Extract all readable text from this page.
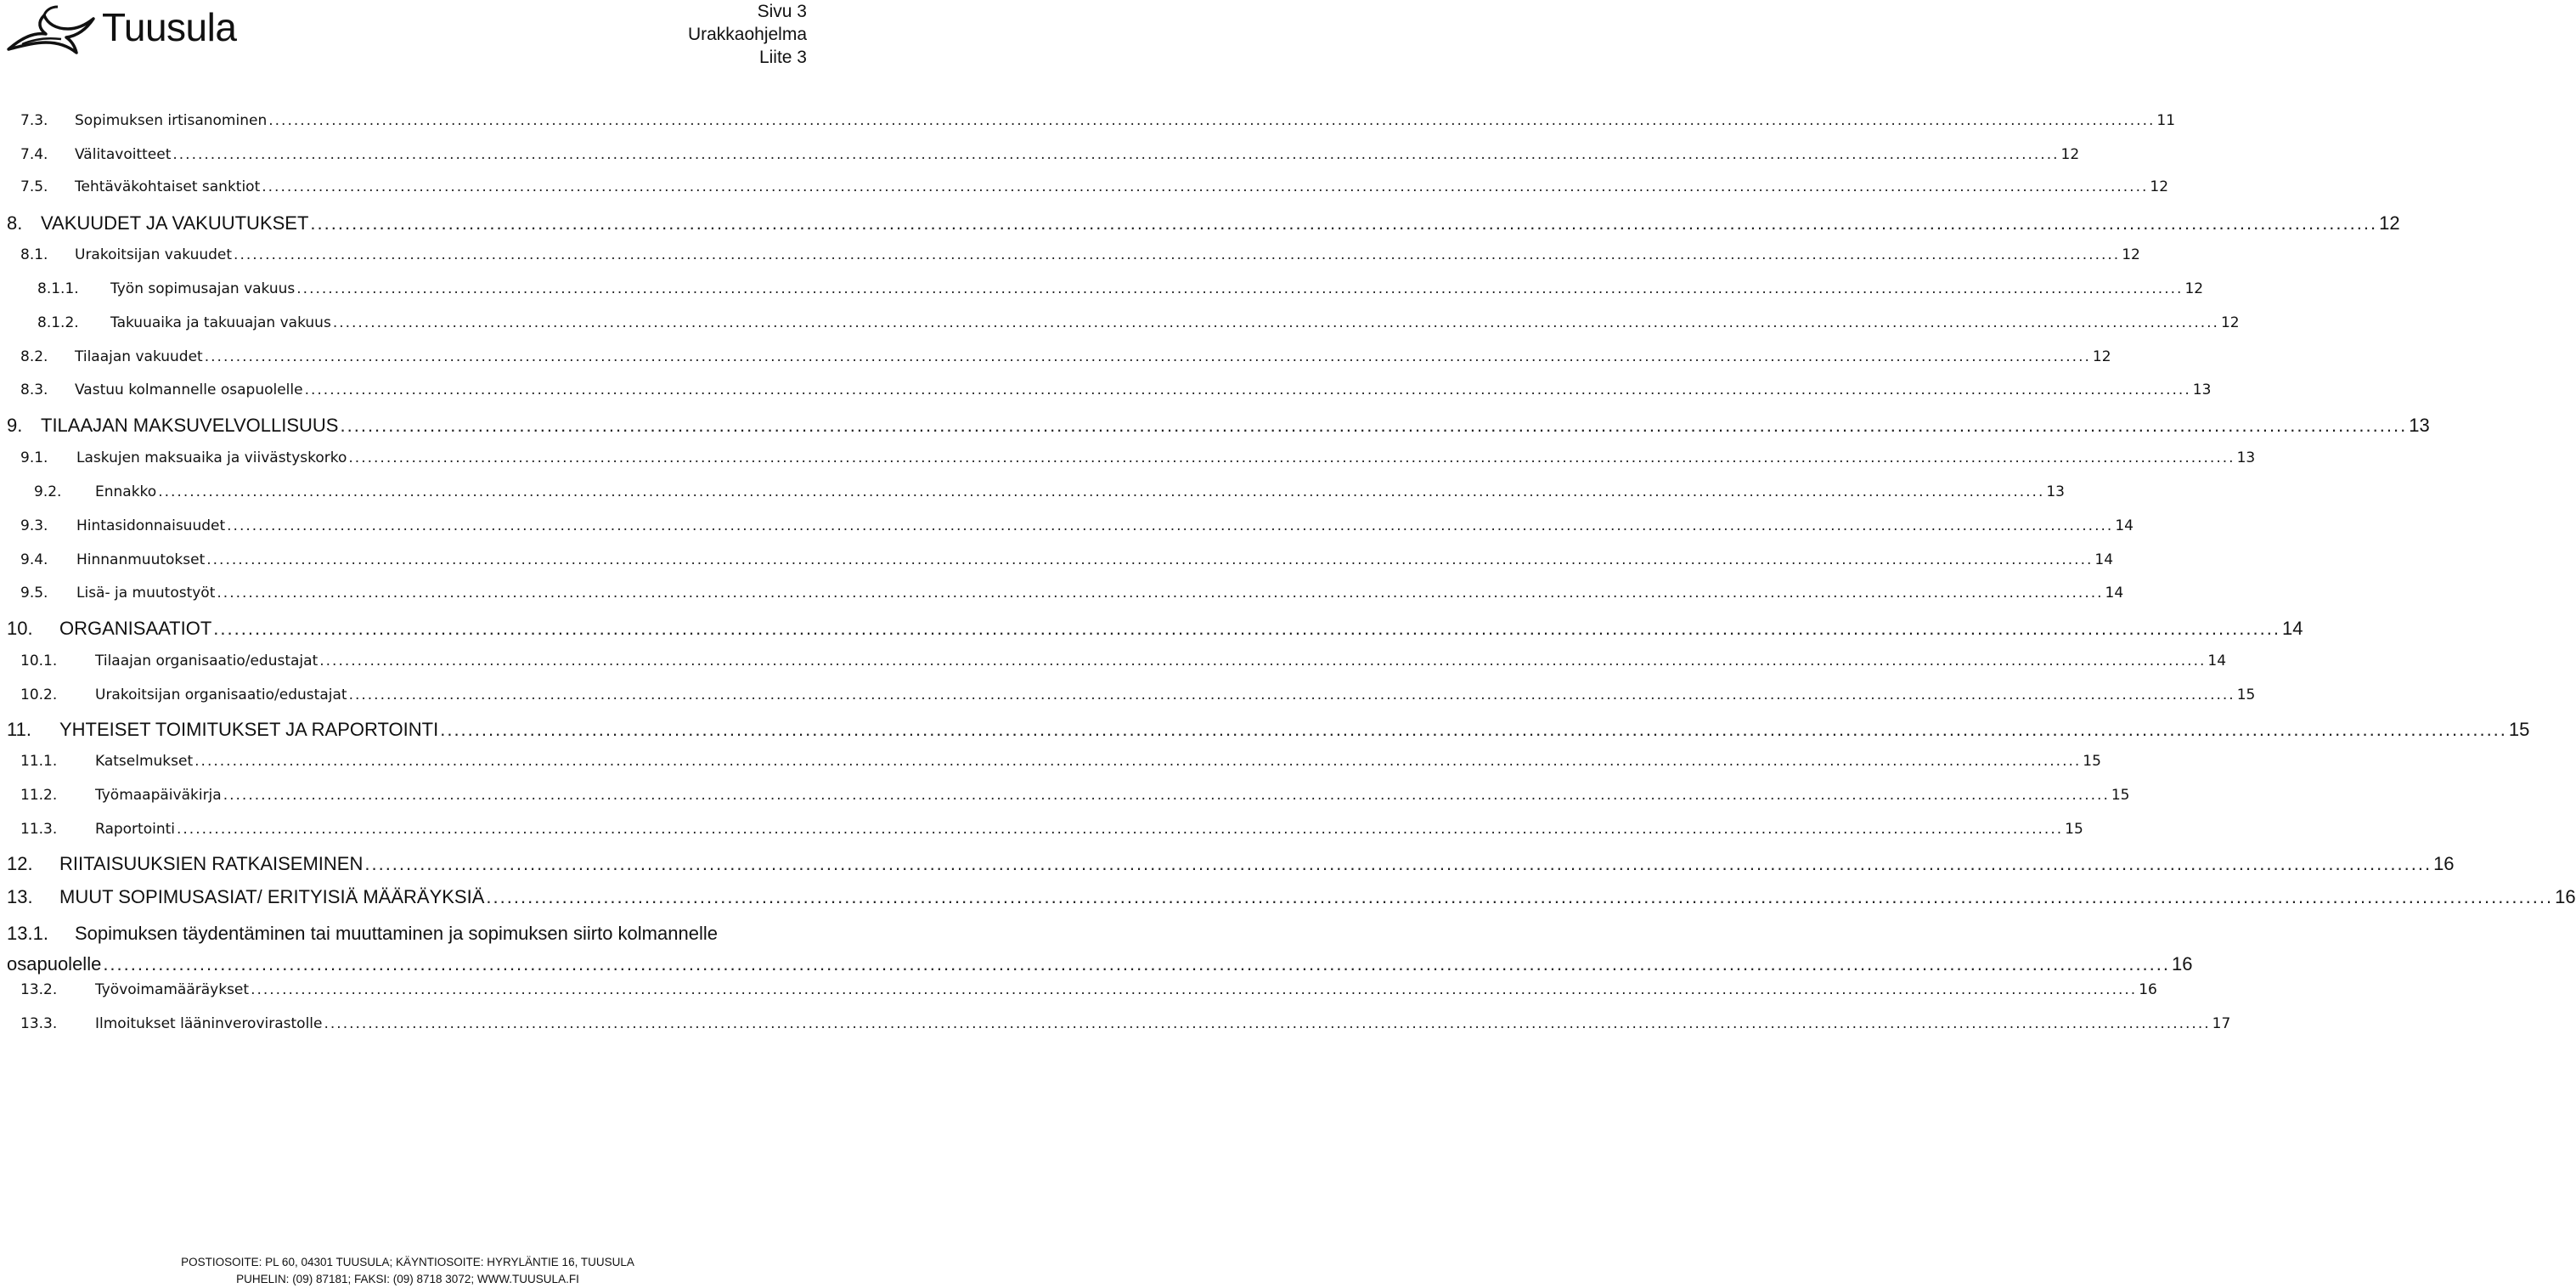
Tuusula	Sivu 3
Urakkaohjelma
Liite 3
7.3. Sopimuksen irtisanominen ............................................................................................................................................................................................................................................................................................................ 11
7.4. Välitavoitteet ............................................................................................................................................................................................................................................................................................................ 12
7.5. Tehtäväkohtaiset sanktiot ............................................................................................................................................................................................................................................................................................................ 12
8. VAKUUDET JA VAKUUTUKSET ............................................................................................................................................................................................................................................................................................................ 12
8.1. Urakoitsijan vakuudet ............................................................................................................................................................................................................................................................................................................ 12
8.1.1. Työn sopimusajan vakuus ............................................................................................................................................................................................................................................................................................................ 12
8.1.2. Takuuaika ja takuuajan vakuus ............................................................................................................................................................................................................................................................................................................ 12
8.2. Tilaajan vakuudet ............................................................................................................................................................................................................................................................................................................ 12
8.3. Vastuu kolmannelle osapuolelle ............................................................................................................................................................................................................................................................................................................ 13
9. TILAAJAN MAKSUVELVOLLISUUS ............................................................................................................................................................................................................................................................................................................ 13
9.1. Laskujen maksuaika ja viivästyskorko ............................................................................................................................................................................................................................................................................................................ 13
9.2. Ennakko ............................................................................................................................................................................................................................................................................................................ 13
9.3. Hintasidonnaisuudet ............................................................................................................................................................................................................................................................................................................ 14
9.4. Hinnanmuutokset ............................................................................................................................................................................................................................................................................................................ 14
9.5. Lisä- ja muutostyöt ............................................................................................................................................................................................................................................................................................................ 14
10. ORGANISAATIOT ............................................................................................................................................................................................................................................................................................................ 14
10.1.	Tilaajan organisaatio/edustajat ............................................................................................................................................................................................................................................................................................................ 14
10.2.	Urakoitsijan organisaatio/edustajat ............................................................................................................................................................................................................................................................................................................ 15
11. YHTEISET TOIMITUKSET JA RAPORTOINTI ............................................................................................................................................................................................................................................................................................................ 15
11.1.	Katselmukset ............................................................................................................................................................................................................................................................................................................ 15
11.2.	Työmaapäiväkirja ............................................................................................................................................................................................................................................................................................................ 15
11.3.	Raportointi ............................................................................................................................................................................................................................................................................................................ 15
12. RIITAISUUKSIEN RATKAISEMINEN ............................................................................................................................................................................................................................................................................................................ 16
13. MUUT SOPIMUSASIAT/ ERITYISIÄ MÄÄRÄYKSIÄ ............................................................................................................................................................................................................................................................................................................ 16
13.1. Sopimuksen täydentäminen tai muuttaminen ja sopimuksen siirto kolmannelle
osapuolelle ............................................................................................................................................................................................................................................................................................................ 16
13.2.	Työvoimamääräykset ............................................................................................................................................................................................................................................................................................................ 16
13.3.	Ilmoitukset lääninverovirastolle ............................................................................................................................................................................................................................................................................................................ 17
POSTIOSOITE: PL 60, 04301 TUUSULA; KÄYNTIOSOITE: HYRYLÄNTIE 16, TUUSULA
PUHELIN: (09) 87181; FAKSI: (09) 8718 3072; WWW.TUUSULA.FI
